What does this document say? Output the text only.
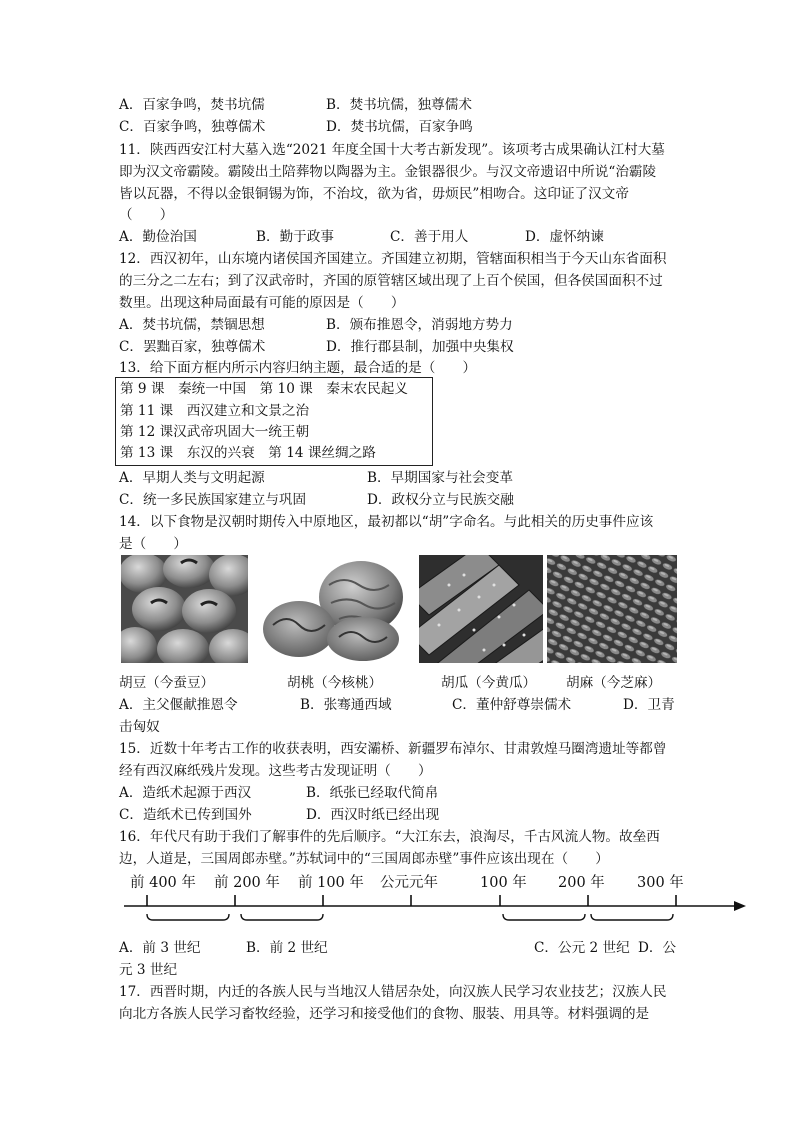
A．百家争鸣，焚书坑儒	B．焚书坑儒，独尊儒术
C．百家争鸣，独尊儒术	D．焚书坑儒，百家争鸣
11．陕西西安江村大墓入选“2021 年度全国十大考古新发现”。该项考古成果确认江村大墓
即为汉文帝霸陵。霸陵出土陪葬物以陶器为主。金银器很少。与汉文帝遗诏中所说“治霸陵
皆以瓦器，不得以金银铜锡为饰，不治坟，欲为省，毋烦民”相吻合。这印证了汉文帝
（　　）
A．勤俭治国	B．勤于政事	C．善于用人	D．虚怀纳谏
12．西汉初年，山东境内诸侯国齐国建立。齐国建立初期，管辖面积相当于今天山东省面积
的三分之二左右；到了汉武帝时，齐国的原管辖区域出现了上百个侯国，但各侯国面积不过
数里。出现这种局面最有可能的原因是（　　）
A．焚书坑儒，禁锢思想	B．颁布推恩令，消弱地方势力
C．罢黜百家，独尊儒术	D．推行郡县制，加强中央集权
13．给下面方框内所示内容归纳主题，最合适的是（　　）
第 9 课　秦统一中国　第 10 课　秦末农民起义
第 11 课　西汉建立和文景之治
第 12 课汉武帝巩固大一统王朝
第 13 课　东汉的兴衰　第 14 课丝绸之路
A．早期人类与文明起源	B．早期国家与社会变革
C．统一多民族国家建立与巩固	D．政权分立与民族交融
14．以下食物是汉朝时期传入中原地区，最初都以“胡”字命名。与此相关的历史事件应该
是（　　）
胡豆（今蚕豆）	胡桃（今核桃）	胡瓜（今黄瓜） 胡麻（今芝麻）
A．主父偃献推恩令	B．张骞通西域	C．董仲舒尊崇儒术	D．卫青
击匈奴
15．近数十年考古工作的收获表明，西安灞桥、新疆罗布淖尔、甘肃敦煌马圈湾遗址等都曾
经有西汉麻纸残片发现。这些考古发现证明（　　）
A．造纸术起源于西汉	B．纸张已经取代简帛
C．造纸术已传到国外	D．西汉时纸已经出现
16．年代尺有助于我们了解事件的先后顺序。“大江东去，浪淘尽，千古风流人物。故垒西
边，人道是，三国周郎赤壁。”苏轼词中的“三国周郎赤壁”事件应该出现在（　　）
前 400 年 前 200 年 前 100 年 公元元年	100 年 200 年 300 年
A．前 3 世纪	B．前 2 世纪	C．公元 2 世纪 D．公
元 3 世纪
17．西晋时期，内迁的各族人民与当地汉人错居杂处，向汉族人民学习农业技艺；汉族人民
向北方各族人民学习畜牧经验，还学习和接受他们的食物、服装、用具等。材料强调的是
